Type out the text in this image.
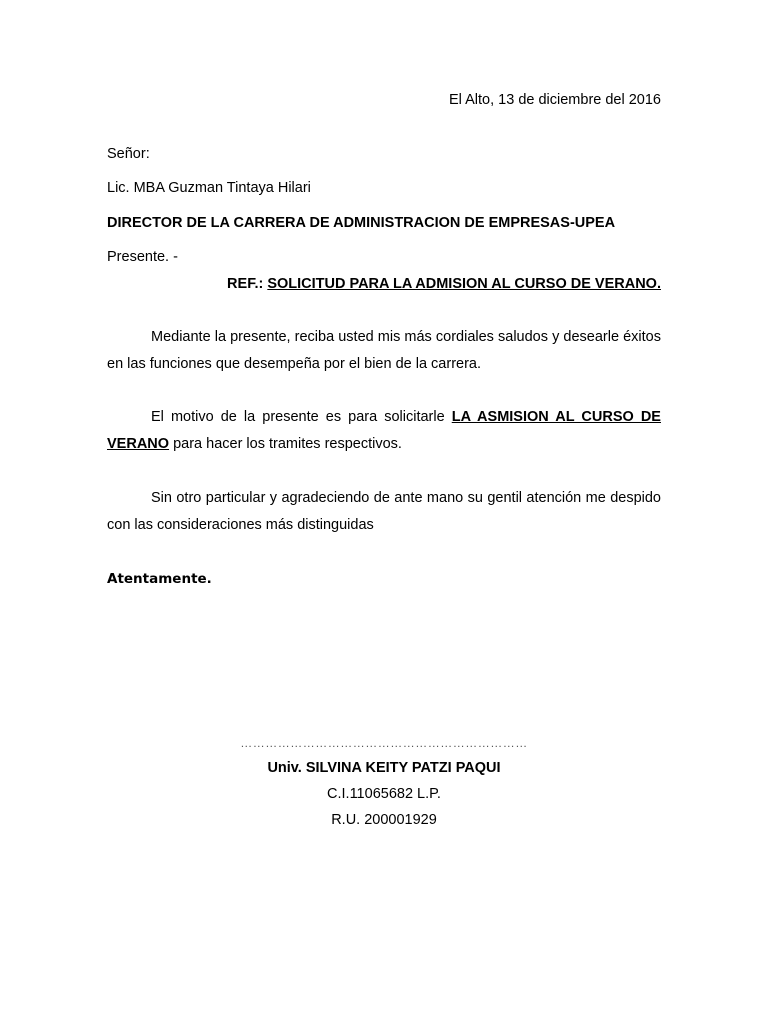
El Alto, 13 de diciembre del 2016
Señor:
Lic. MBA Guzman Tintaya Hilari
DIRECTOR DE LA CARRERA DE ADMINISTRACION DE EMPRESAS-UPEA
Presente. -
REF.: SOLICITUD PARA LA ADMISION AL CURSO DE VERANO.
Mediante la presente, reciba usted mis más cordiales saludos y desearle éxitos en las funciones que desempeña por el bien de la carrera.
El motivo de la presente es para solicitarle LA ASMISION AL CURSO DE VERANO para hacer los tramites respectivos.
Sin otro particular y agradeciendo de ante mano su gentil atención me despido con las consideraciones más distinguidas
Atentamente.
……………………………………………………………
Univ. SILVINA KEITY PATZI PAQUI
C.I.11065682 L.P.
R.U. 200001929
